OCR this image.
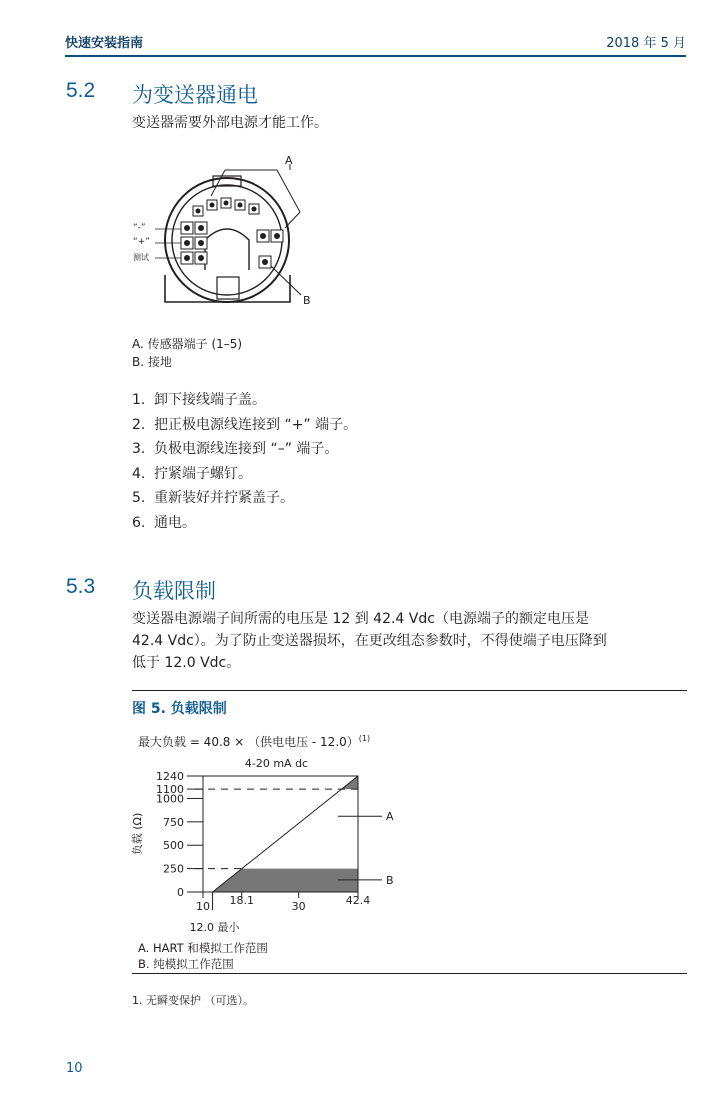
快速安装指南	2018 年 5 月
5.2 为变送器通电
变送器需要外部电源才能工作。
A
B
“-”
“+”
测试
A. 传感器端子 (1–5)
B. 接地
1. 卸下接线端子盖。
2. 把正极电源线连接到 “+” 端子。
3. 负极电源线连接到 “–” 端子。
4. 拧紧端子螺钉。
5. 重新装好并拧紧盖子。
6. 通电。
5.3 负载限制
变送器电源端子间所需的电压是 12 到 42.4 Vdc（电源端子的额定电压是
42.4 Vdc）。为了防止变送器损坏，在更改组态参数时，不得使端子电压降到
低于 12.0 Vdc。
图 5. 负载限制
最大负载 = 40.8 × （供电电压 - 12.0）$^{(1)}$
0
250
500
750
1000
1100
1240
10 18.1	30	42.4
12.0 最小
4-20 mA dc
负载 (Ω)	A
B
A. HART 和模拟工作范围
B. 纯模拟工作范围
1. 无瞬变保护 （可选）。
10
